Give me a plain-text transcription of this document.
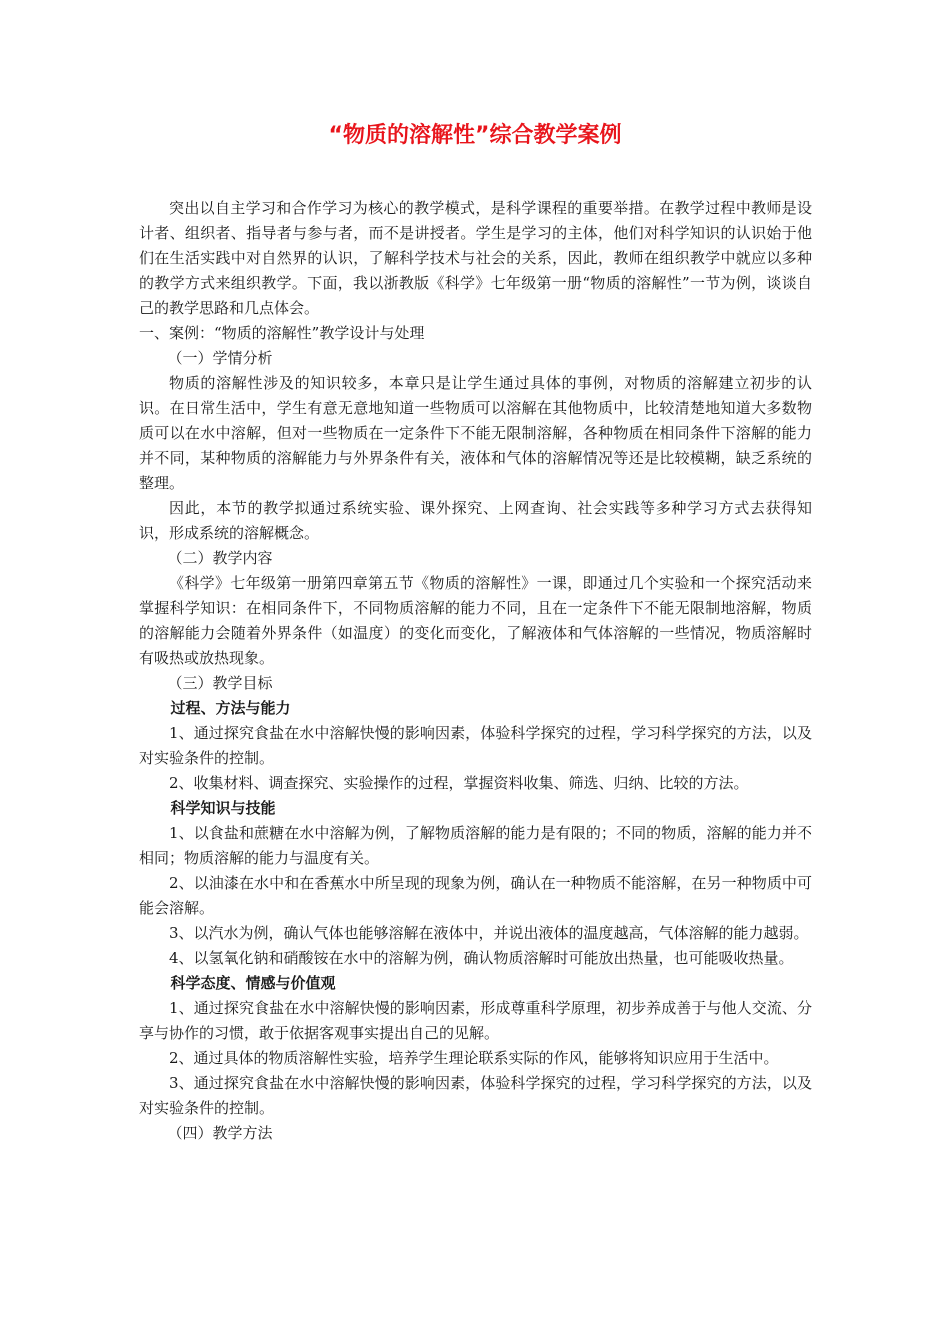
“物质的溶解性”综合教学案例

突出以自主学习和合作学习为核心的教学模式，是科学课程的重要举措。在教学过程中教师是设计者、组织者、指导者与参与者，而不是讲授者。学生是学习的主体，他们对科学知识的认识始于他们在生活实践中对自然界的认识，了解科学技术与社会的关系，因此，教师在组织教学中就应以多种的教学方式来组织教学。下面，我以浙教版《科学》七年级第一册“物质的溶解性”一节为例，谈谈自己的教学思路和几点体会。

一、案例：“物质的溶解性”教学设计与处理

（一）学情分析

物质的溶解性涉及的知识较多，本章只是让学生通过具体的事例，对物质的溶解建立初步的认识。在日常生活中，学生有意无意地知道一些物质可以溶解在其他物质中，比较清楚地知道大多数物质可以在水中溶解，但对一些物质在一定条件下不能无限制溶解，各种物质在相同条件下溶解的能力并不同，某种物质的溶解能力与外界条件有关，液体和气体的溶解情况等还是比较模糊，缺乏系统的整理。

因此，本节的教学拟通过系统实验、课外探究、上网查询、社会实践等多种学习方式去获得知识，形成系统的溶解概念。

（二）教学内容

《科学》七年级第一册第四章第五节《物质的溶解性》一课，即通过几个实验和一个探究活动来掌握科学知识：在相同条件下，不同物质溶解的能力不同，且在一定条件下不能无限制地溶解，物质的溶解能力会随着外界条件（如温度）的变化而变化，了解液体和气体溶解的一些情况，物质溶解时有吸热或放热现象。

（三）教学目标

过程、方法与能力

1、通过探究食盐在水中溶解快慢的影响因素，体验科学探究的过程，学习科学探究的方法，以及对实验条件的控制。

2、收集材料、调查探究、实验操作的过程，掌握资料收集、筛选、归纳、比较的方法。

科学知识与技能

1、以食盐和蔗糖在水中溶解为例，了解物质溶解的能力是有限的；不同的物质，溶解的能力并不相同；物质溶解的能力与温度有关。

2、以油漆在水中和在香蕉水中所呈现的现象为例，确认在一种物质不能溶解，在另一种物质中可能会溶解。

3、以汽水为例，确认气体也能够溶解在液体中，并说出液体的温度越高，气体溶解的能力越弱。

4、以氢氧化钠和硝酸铵在水中的溶解为例，确认物质溶解时可能放出热量，也可能吸收热量。

科学态度、情感与价值观

1、通过探究食盐在水中溶解快慢的影响因素，形成尊重科学原理，初步养成善于与他人交流、分享与协作的习惯，敢于依据客观事实提出自己的见解。

2、通过具体的物质溶解性实验，培养学生理论联系实际的作风，能够将知识应用于生活中。

3、通过探究食盐在水中溶解快慢的影响因素，体验科学探究的过程，学习科学探究的方法，以及对实验条件的控制。

（四）教学方法
